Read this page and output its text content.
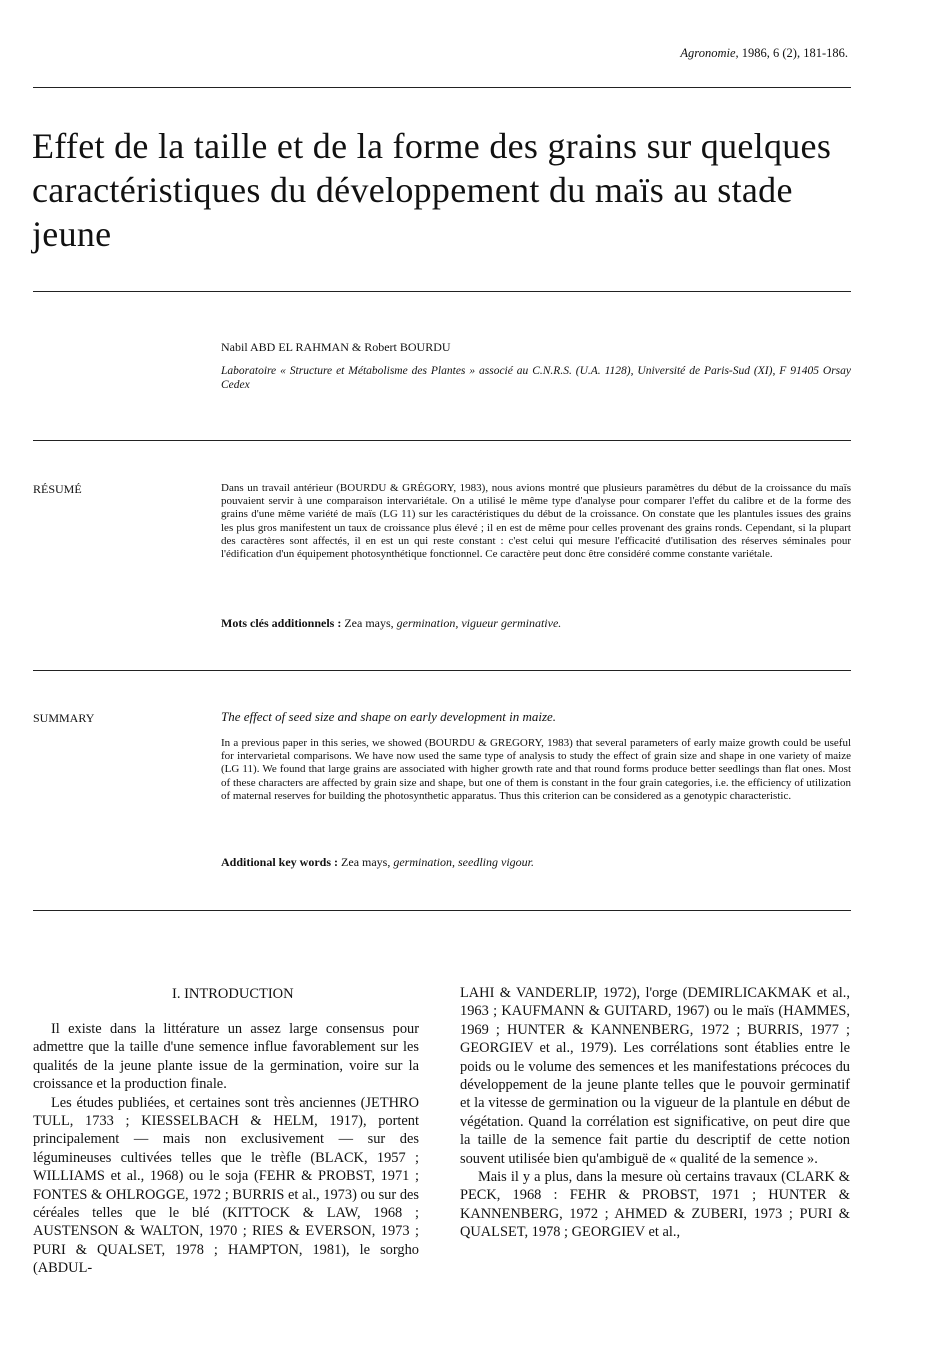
Agronomie, 1986, 6 (2), 181-186.
Effet de la taille et de la forme des grains sur quelques caractéristiques du développement du maïs au stade jeune
Nabil ABD EL RAHMAN & Robert BOURDU
Laboratoire « Structure et Métabolisme des Plantes » associé au C.N.R.S. (U.A. 1128), Université de Paris-Sud (XI), F 91405 Orsay Cedex
RÉSUMÉ	Dans un travail antérieur (BOURDU & GRÉGORY, 1983), nous avions montré que plusieurs paramètres du début de la croissance du maïs pouvaient servir à une comparaison intervariétale. On a utilisé le même type d'analyse pour comparer l'effet du calibre et de la forme des grains d'une même variété de maïs (LG 11) sur les caractéristiques du début de la croissance. On constate que les plantules issues des grains les plus gros manifestent un taux de croissance plus élevé ; il en est de même pour celles provenant des grains ronds. Cependant, si la plupart des caractères sont affectés, il en est un qui reste constant : c'est celui qui mesure l'efficacité d'utilisation des réserves séminales pour l'édification d'un équipement photosynthétique fonctionnel. Ce caractère peut donc être considéré comme constante variétale.
Mots clés additionnels : Zea mays, germination, vigueur germinative.
SUMMARY	The effect of seed size and shape on early development in maize.
In a previous paper in this series, we showed (BOURDU & GREGORY, 1983) that several parameters of early maize growth could be useful for intervarietal comparisons. We have now used the same type of analysis to study the effect of grain size and shape in one variety of maize (LG 11). We found that large grains are associated with higher growth rate and that round forms produce better seedlings than flat ones. Most of these characters are affected by grain size and shape, but one of them is constant in the four grain categories, i.e. the efficiency of utilization of maternal reserves for building the photosynthetic apparatus. Thus this criterion can be considered as a genotypic characteristic.
Additional key words : Zea mays, germination, seedling vigour.
I. INTRODUCTION

Il existe dans la littérature un assez large consensus pour admettre que la taille d'une semence influe favorablement sur les qualités de la jeune plante issue de la germination, voire sur la croissance et la production finale.

Les études publiées, et certaines sont très anciennes (JETHRO TULL, 1733 ; KIESSELBACH & HELM, 1917), portent principalement — mais non exclusivement — sur des légumineuses cultivées telles que le trèfle (BLACK, 1957 ; WILLIAMS et al., 1968) ou le soja (FEHR & PROBST, 1971 ; FONTES & OHLROGGE, 1972 ; BURRIS et al., 1973) ou sur des céréales telles que le blé (KITTOCK & LAW, 1968 ; AUSTENSON & WALTON, 1970 ; RIES & EVERSON, 1973 ; PURI & QUALSET, 1978 ; HAMPTON, 1981), le sorgho (ABDUL-

LAHI & VANDERLIP, 1972), l'orge (DEMIRLICAKMAK et al., 1963 ; KAUFMANN & GUITARD, 1967) ou le maïs (HAMMES, 1969 ; HUNTER & KANNENBERG, 1972 ; BURRIS, 1977 ; GEORGIEV et al., 1979). Les corrélations sont établies entre le poids ou le volume des semences et les manifestations précoces du développement de la jeune plante telles que le pouvoir germinatif et la vitesse de germination ou la vigueur de la plantule en début de végétation. Quand la corrélation est significative, on peut dire que la taille de la semence fait partie du descriptif de cette notion souvent utilisée bien qu'ambiguë de « qualité de la semence ».

Mais il y a plus, dans la mesure où certains travaux (CLARK & PECK, 1968 : FEHR & PROBST, 1971 ; HUNTER & KANNENBERG, 1972 ; AHMED & ZUBERI, 1973 ; PURI & QUALSET, 1978 ; GEORGIEV et al.,
